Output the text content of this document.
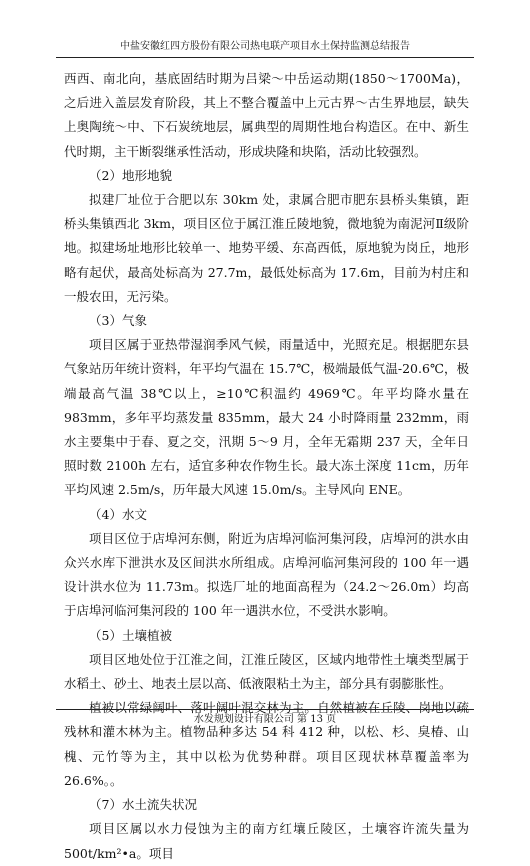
中盐安徽红四方股份有限公司热电联产项目水土保持监测总结报告

西西、南北向，基底固结时期为吕梁～中岳运动期(1850～1700Ma)，之后进入盖层发育阶段，其上不整合覆盖中上元古界～古生界地层，缺失上奥陶统～中、下石炭统地层，属典型的周期性地台构造区。在中、新生代时期，主干断裂继承性活动，形成块隆和块陷，活动比较强烈。

（2）地形地貌

拟建厂址位于合肥以东 30km 处，隶属合肥市肥东县桥头集镇，距桥头集镇西北 3km，项目区位于属江淮丘陵地貌，微地貌为南泥河Ⅱ级阶地。拟建场址地形比较单一、地势平缓、东高西低，原地貌为岗丘，地形略有起伏，最高处标高为 27.7m，最低处标高为 17.6m，目前为村庄和一般农田，无污染。

（3）气象

项目区属于亚热带湿润季风气候，雨量适中，光照充足。根据肥东县气象站历年统计资料，年平均气温在 15.7℃，极端最低气温-20.6℃，极端最高气温 38℃以上，≥10℃积温约 4969℃。年平均降水量在 983mm，多年平均蒸发量 835mm，最大 24 小时降雨量 232mm，雨水主要集中于春、夏之交，汛期 5～9 月，全年无霜期 237 天，全年日照时数 2100h 左右，适宜多种农作物生长。最大冻土深度 11cm，历年平均风速 2.5m/s，历年最大风速 15.0m/s。主导风向 ENE。

（4）水文

项目区位于店埠河东侧，附近为店埠河临河集河段，店埠河的洪水由众兴水库下泄洪水及区间洪水所组成。店埠河临河集河段的 100 年一遇设计洪水位为 11.73m。拟选厂址的地面高程为（24.2～26.0m）均高于店埠河临河集河段的 100 年一遇洪水位，不受洪水影响。

（5）土壤植被

项目区地处位于江淮之间，江淮丘陵区，区域内地带性土壤类型属于水稻土、砂土、地表土层以高、低液限粘土为主，部分具有弱膨胀性。

植被以常绿阔叶、落叶阔叶混交林为主。自然植被在丘陵、岗地以疏残林和灌木林为主。植物品种多达 54 科 412 种，以松、杉、臭椿、山槐、元竹等为主，其中以松为优势种群。项目区现状林草覆盖率为 26.6%。。

（7）水土流失状况

项目区属以水力侵蚀为主的南方红壤丘陵区，土壤容许流失量为 500t/km²•a。项目

水发规划设计有限公司 第 13 页
